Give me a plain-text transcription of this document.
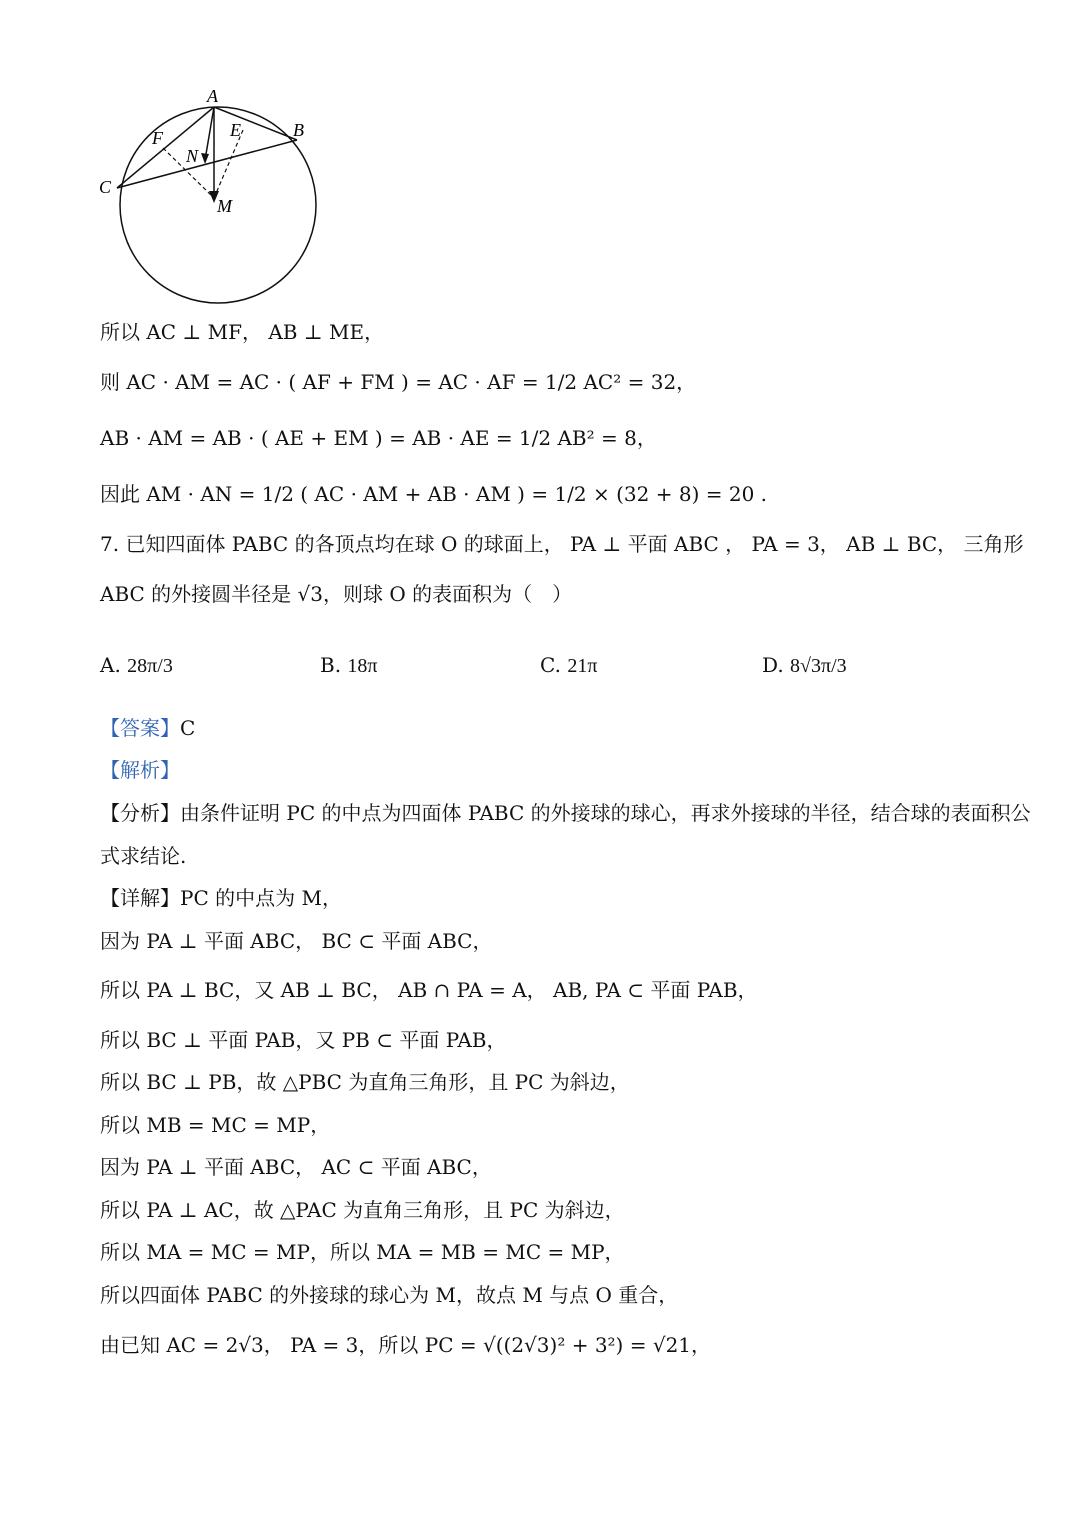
A
B
C
E
F
N
M
所以 AC ⊥ MF， AB ⊥ ME，
则 AC · AM = AC · ( AF + FM ) = AC · AF = 1/2 AC² = 32，
AB · AM = AB · ( AE + EM ) = AB · AE = 1/2 AB² = 8，
因此 AM · AN = 1/2 ( AC · AM + AB · AM ) = 1/2 × (32 + 8) = 20 .
7. 已知四面体 PABC 的各顶点均在球 O 的球面上， PA ⊥ 平面 ABC ， PA = 3， AB ⊥ BC， 三角形
ABC 的外接圆半径是 √3，则球 O 的表面积为（　）
A. 28π/3	B. 18π	C. 21π	D. 8√3π/3
【答案】C
【解析】
【分析】由条件证明 PC 的中点为四面体 PABC 的外接球的球心，再求外接球的半径，结合球的表面积公
式求结论.
【详解】PC 的中点为 M，
因为 PA ⊥ 平面 ABC， BC ⊂ 平面 ABC，
所以 PA ⊥ BC，又 AB ⊥ BC， AB ∩ PA = A， AB, PA ⊂ 平面 PAB，
所以 BC ⊥ 平面 PAB，又 PB ⊂ 平面 PAB，
所以 BC ⊥ PB，故 △PBC 为直角三角形，且 PC 为斜边，
所以 MB = MC = MP，
因为 PA ⊥ 平面 ABC， AC ⊂ 平面 ABC，
所以 PA ⊥ AC，故 △PAC 为直角三角形，且 PC 为斜边，
所以 MA = MC = MP，所以 MA = MB = MC = MP，
所以四面体 PABC 的外接球的球心为 M，故点 M 与点 O 重合，
由已知 AC = 2√3， PA = 3，所以 PC = √((2√3)² + 3²) = √21，
